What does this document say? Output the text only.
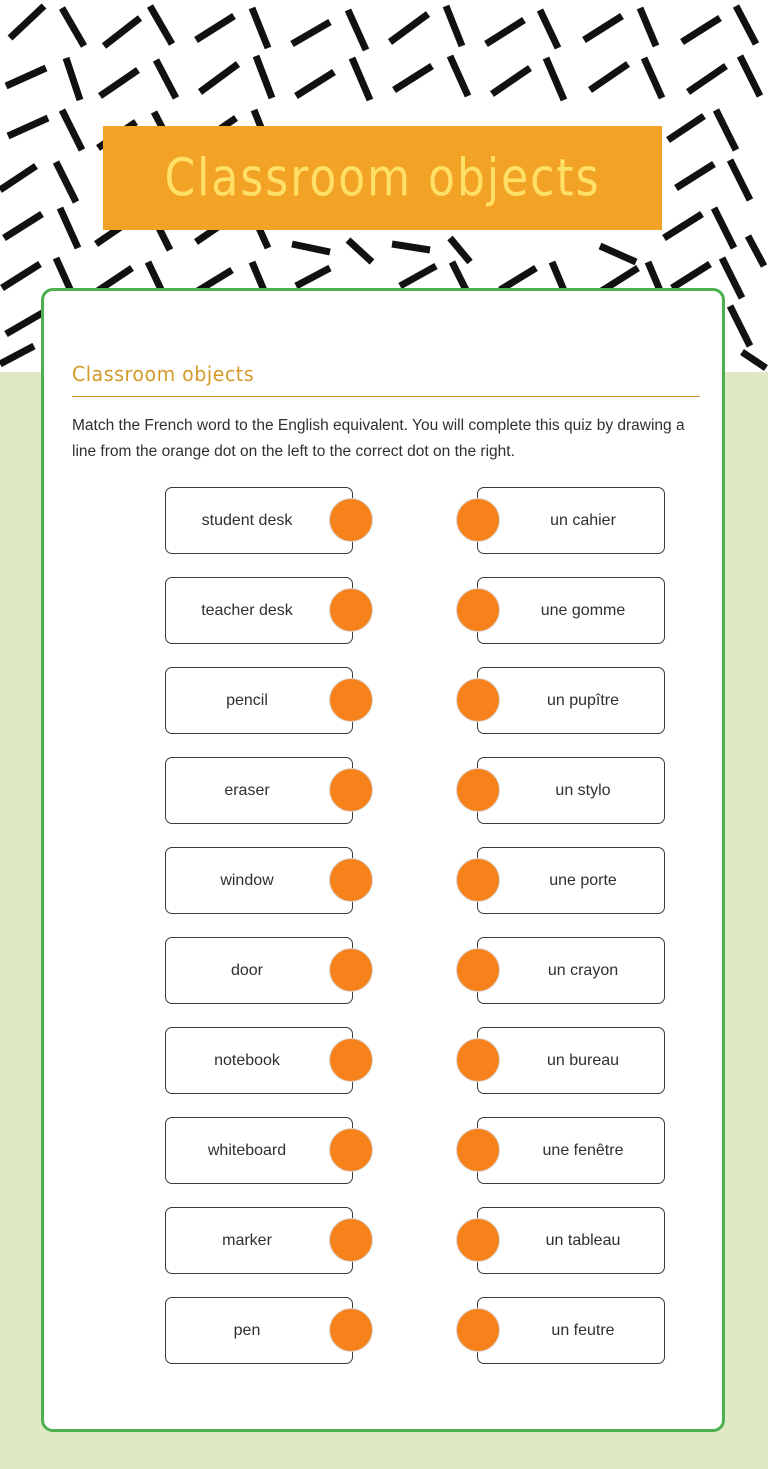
Classroom objects
Classroom objects
Match the French word to the English equivalent. You will complete this quiz by drawing a line from the orange dot on the left to the correct dot on the right.
student desk	un cahier
teacher desk	une gomme
pencil	un pupître
eraser	un stylo
window	une porte
door	un crayon
notebook	un bureau
whiteboard	une fenêtre
marker	un tableau
pen	un feutre
